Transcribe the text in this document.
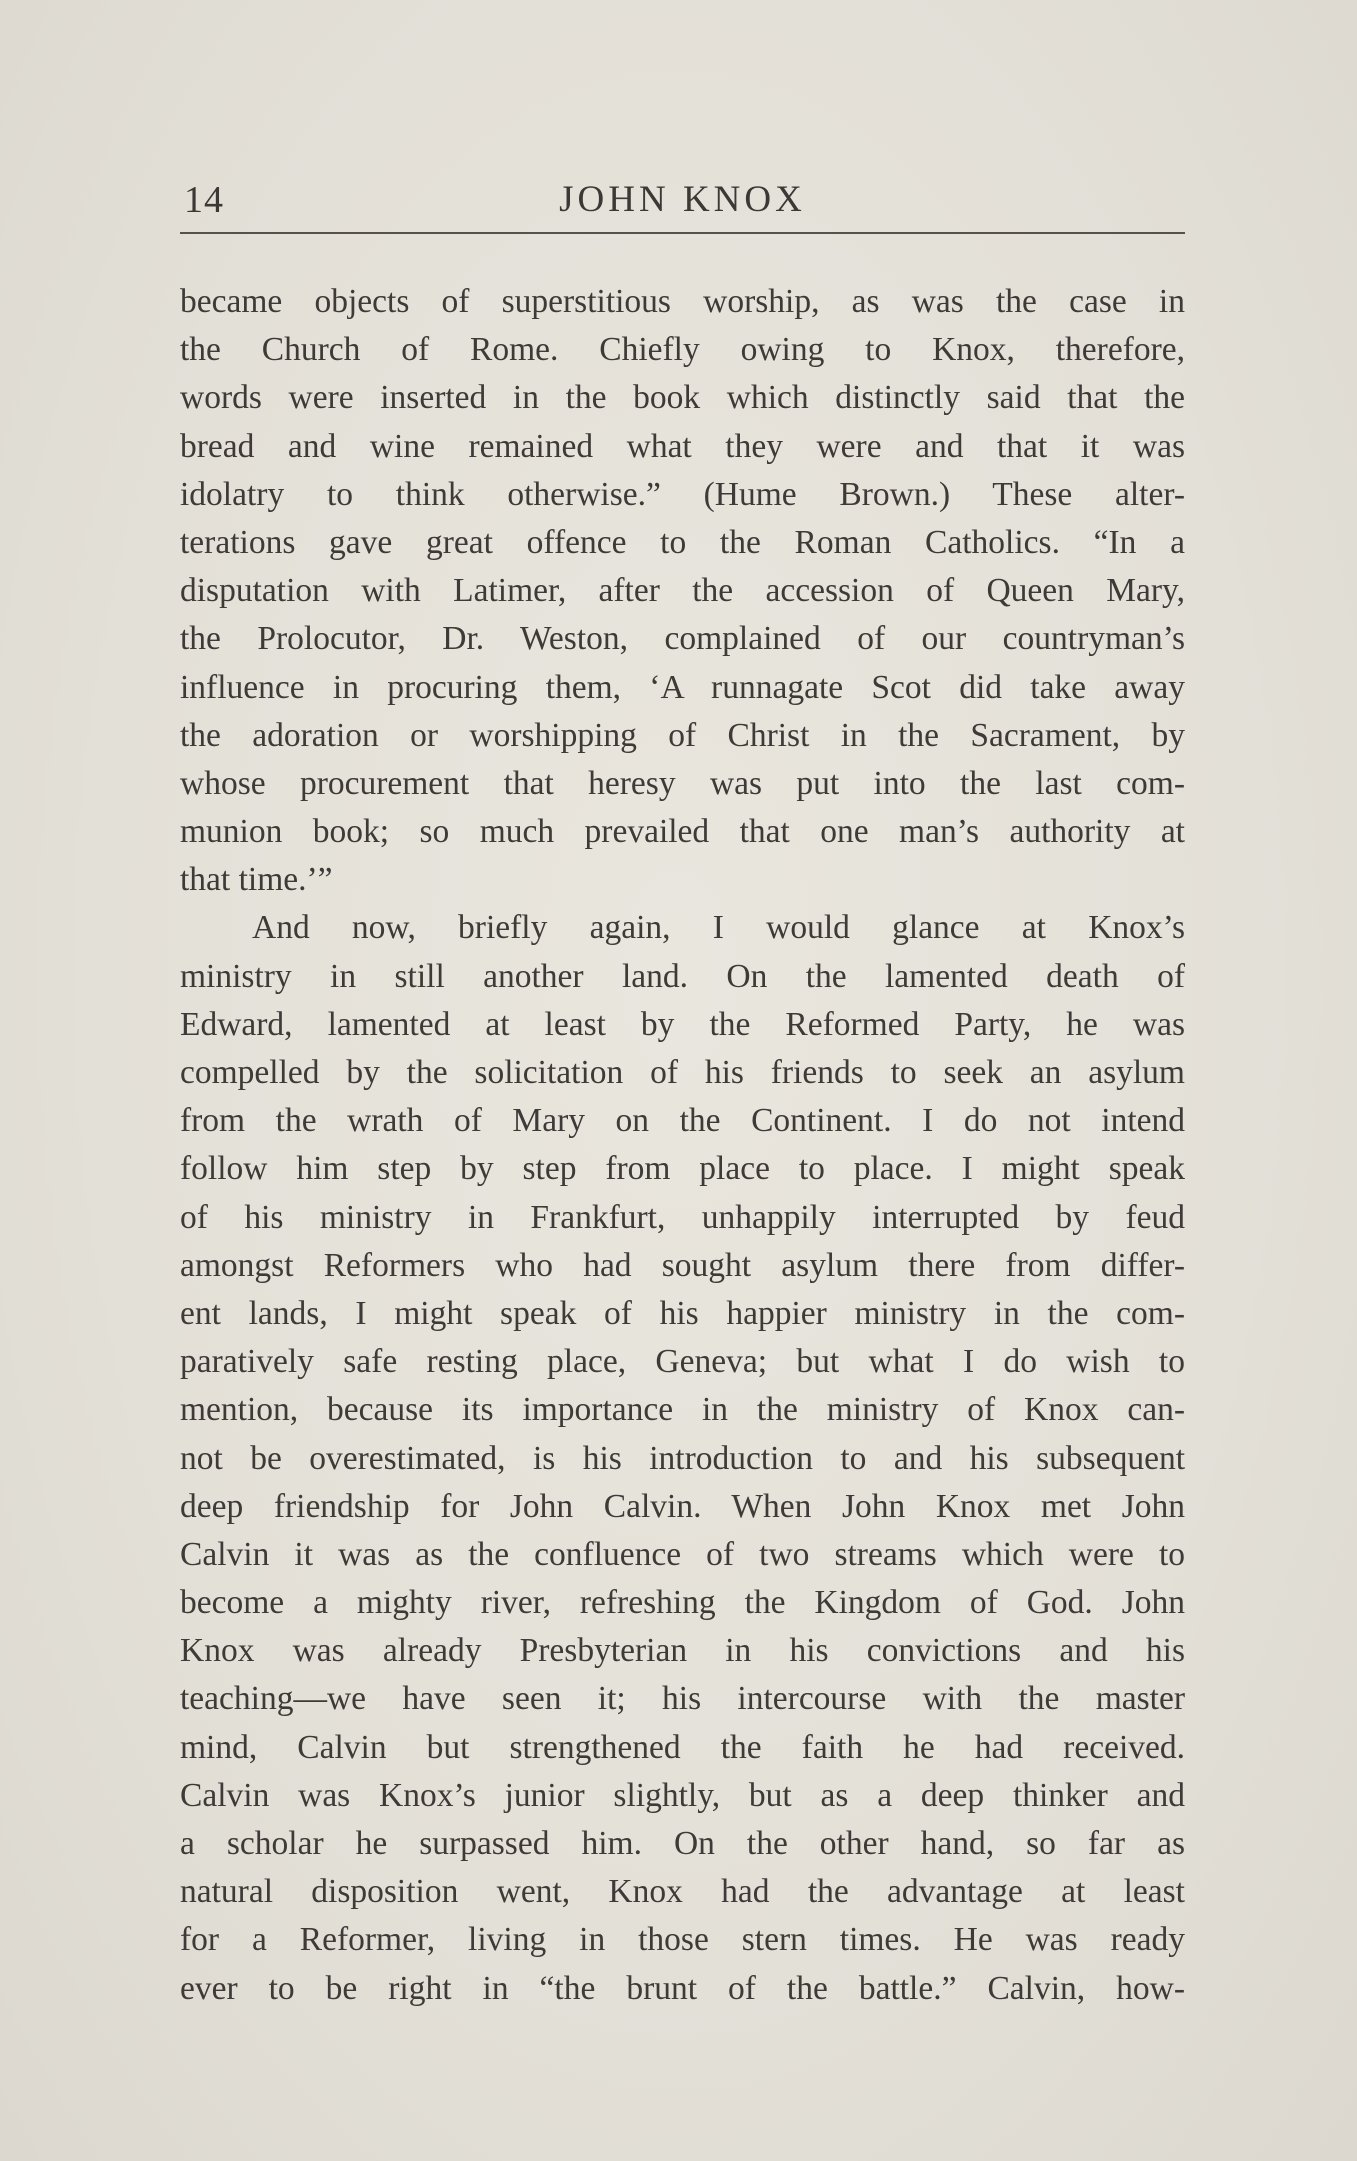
14	JOHN KNOX
became objects of superstitious worship, as was the case in
the Church of Rome. Chiefly owing to Knox, therefore,
words were inserted in the book which distinctly said that the
bread and wine remained what they were and that it was
idolatry to think otherwise.” (Hume Brown.) These alter-
terations gave great offence to the Roman Catholics. “In a
disputation with Latimer, after the accession of Queen Mary,
the Prolocutor, Dr. Weston, complained of our countryman’s
influence in procuring them, ‘A runnagate Scot did take away
the adoration or worshipping of Christ in the Sacrament, by
whose procurement that heresy was put into the last com-
munion book; so much prevailed that one man’s authority at
that time.’”
And now, briefly again, I would glance at Knox’s
ministry in still another land. On the lamented death of
Edward, lamented at least by the Reformed Party, he was
compelled by the solicitation of his friends to seek an asylum
from the wrath of Mary on the Continent. I do not intend
follow him step by step from place to place. I might speak
of his ministry in Frankfurt, unhappily interrupted by feud
amongst Reformers who had sought asylum there from differ-
ent lands, I might speak of his happier ministry in the com-
paratively safe resting place, Geneva; but what I do wish to
mention, because its importance in the ministry of Knox can-
not be overestimated, is his introduction to and his subsequent
deep friendship for John Calvin. When John Knox met John
Calvin it was as the confluence of two streams which were to
become a mighty river, refreshing the Kingdom of God. John
Knox was already Presbyterian in his convictions and his
teaching—we have seen it; his intercourse with the master
mind, Calvin but strengthened the faith he had received.
Calvin was Knox’s junior slightly, but as a deep thinker and
a scholar he surpassed him. On the other hand, so far as
natural disposition went, Knox had the advantage at least
for a Reformer, living in those stern times. He was ready
ever to be right in “the brunt of the battle.” Calvin, how-
